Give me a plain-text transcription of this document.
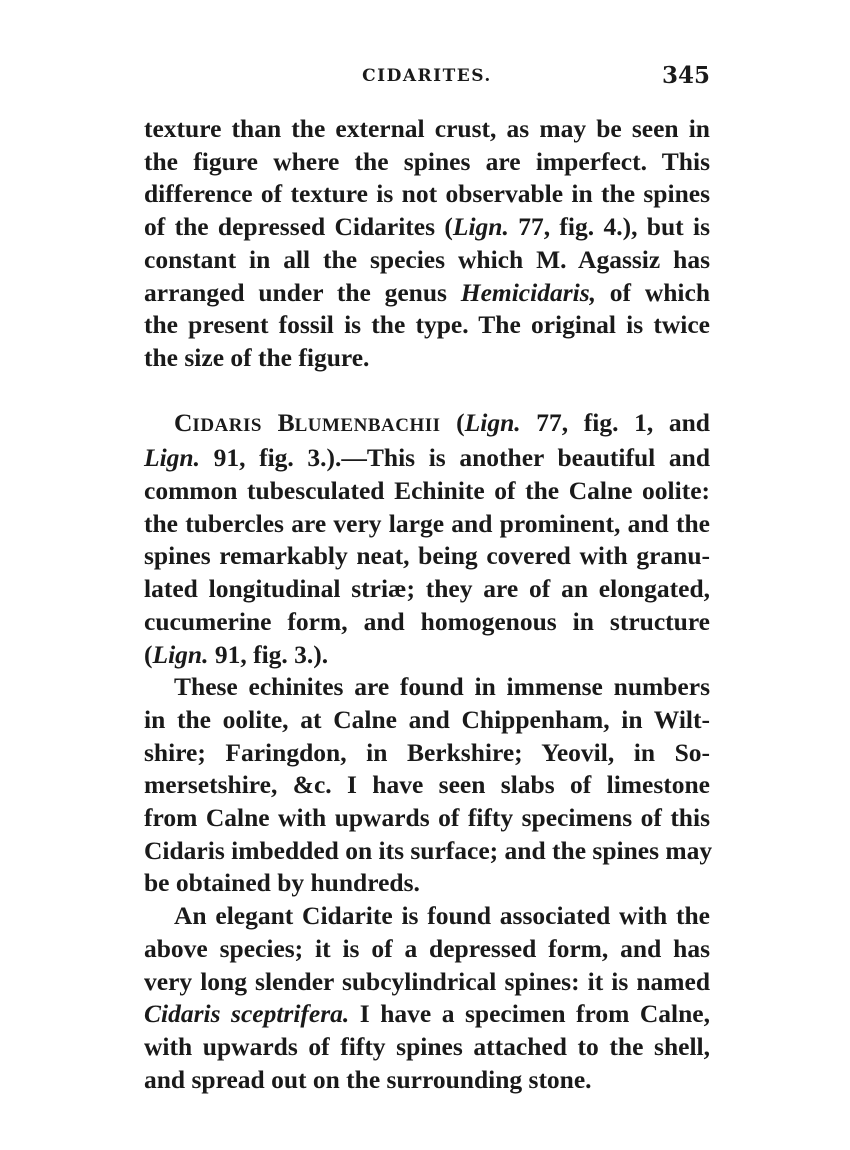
CIDARITES.	345
texture than the external crust, as may be seen in
the figure where the spines are imperfect. This
difference of texture is not observable in the spines
of the depressed Cidarites (Lign. 77, fig. 4.), but is
constant in all the species which M. Agassiz has
arranged under the genus Hemicidaris, of which
the present fossil is the type. The original is twice
the size of the figure.
CIDARIS BLUMENBACHII (Lign. 77, fig. 1, and
Lign. 91, fig. 3.).—This is another beautiful and
common tubesculated Echinite of the Calne oolite:
the tubercles are very large and prominent, and the
spines remarkably neat, being covered with granu-
lated longitudinal striæ; they are of an elongated,
cucumerine form, and homogenous in structure
(Lign. 91, fig. 3.).
These echinites are found in immense numbers
in the oolite, at Calne and Chippenham, in Wilt-
shire; Faringdon, in Berkshire; Yeovil, in So-
mersetshire, &c. I have seen slabs of limestone
from Calne with upwards of fifty specimens of this
Cidaris imbedded on its surface; and the spines may
be obtained by hundreds.
An elegant Cidarite is found associated with the
above species; it is of a depressed form, and has
very long slender subcylindrical spines: it is named
Cidaris sceptrifera. I have a specimen from Calne,
with upwards of fifty spines attached to the shell,
and spread out on the surrounding stone.
